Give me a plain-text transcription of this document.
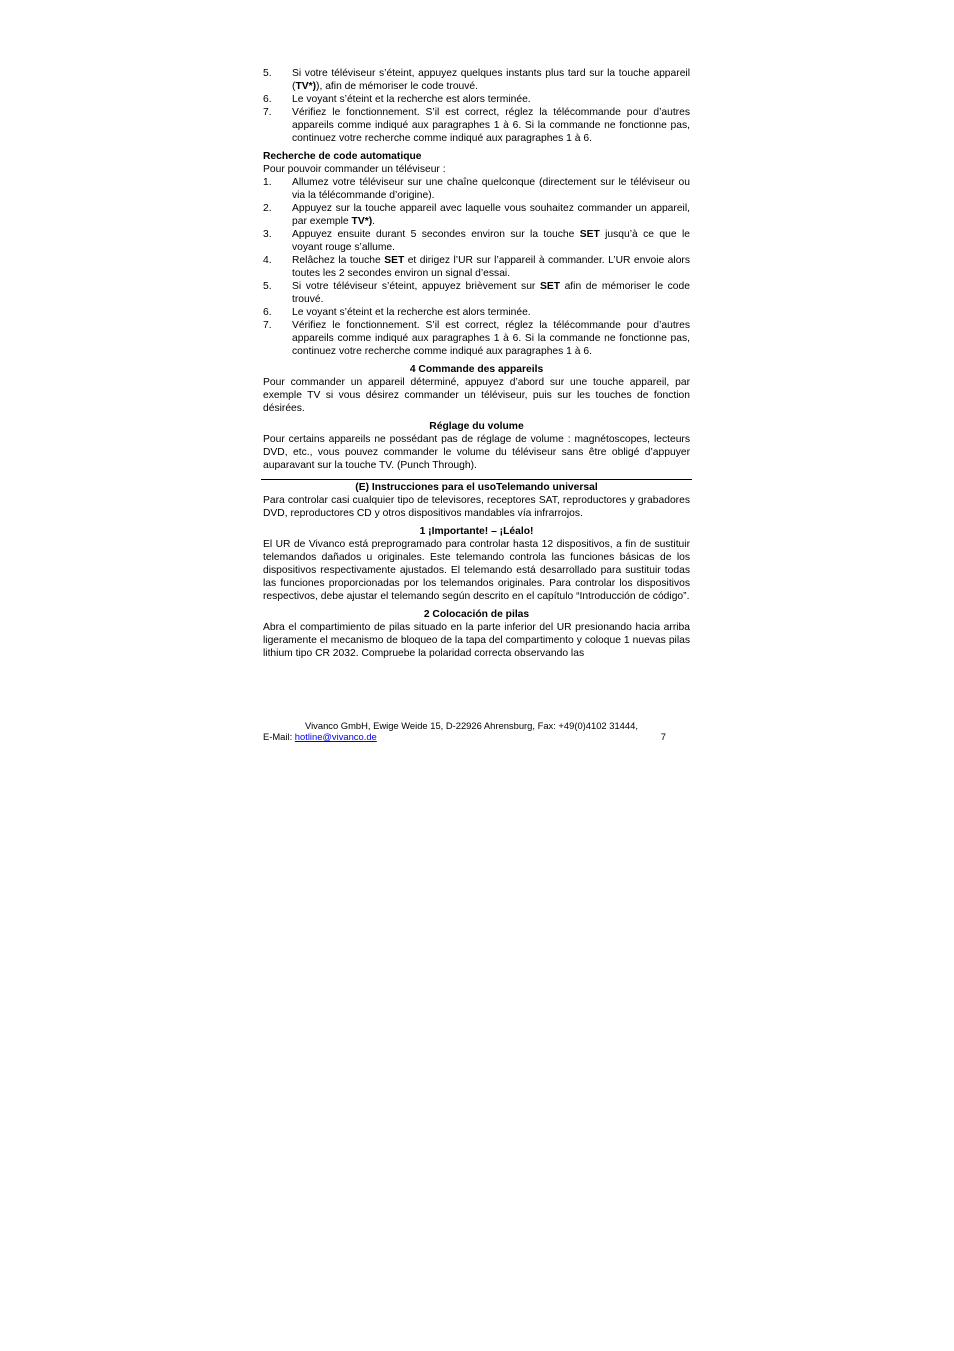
5.	Si votre téléviseur s’éteint, appuyez quelques instants plus tard sur la touche appareil (TV*)), afin de mémoriser le code trouvé.
6.	Le voyant s’éteint et la recherche est alors terminée.
7.	Vérifiez le fonctionnement. S’il est correct, réglez la télécommande pour d’autres appareils comme indiqué aux paragraphes 1 à 6. Si la commande ne fonctionne pas, continuez votre recherche comme indiqué aux paragraphes 1 à 6.
Recherche de code automatique
Pour pouvoir commander un téléviseur :
1.	Allumez votre téléviseur sur une chaîne quelconque (directement sur le téléviseur ou via la télécommande d’origine).
2.	Appuyez sur la touche appareil avec laquelle vous souhaitez commander un appareil, par exemple TV*).
3.	Appuyez ensuite durant 5 secondes environ sur la touche SET jusqu’à ce que le voyant rouge s’allume.
4.	Relâchez la touche SET et dirigez l’UR sur l’appareil à commander. L’UR envoie alors toutes les 2 secondes environ un signal d’essai.
5.	Si votre téléviseur s’éteint, appuyez brièvement sur SET afin de mémoriser le code trouvé.
6.	Le voyant s’éteint et la recherche est alors terminée.
7.	Vérifiez le fonctionnement. S’il est correct, réglez la télécommande pour d’autres appareils comme indiqué aux paragraphes 1 à 6. Si la commande ne fonctionne pas, continuez votre recherche comme indiqué aux paragraphes 1 à 6.
4 Commande des appareils
Pour commander un appareil déterminé, appuyez d’abord sur une touche appareil, par exemple TV si vous désirez commander un téléviseur, puis sur les touches de fonction désirées.
Réglage du volume
Pour certains appareils ne possédant pas de réglage de volume : magnétoscopes, lecteurs DVD, etc., vous pouvez commander le volume du téléviseur sans être obligé d’appuyer auparavant sur la touche TV. (Punch Through).
(E) Instrucciones para el usoTelemando universal
Para controlar casi cualquier tipo de televisores, receptores SAT, reproductores y grabadores DVD, reproductores CD y otros dispositivos mandables vía infrarrojos.
1 ¡Importante! – ¡Léalo!
El UR de Vivanco está preprogramado para controlar hasta 12 dispositivos, a fin de sustituir telemandos dañados u originales. Este telemando controla las funciones básicas de los dispositivos respectivamente ajustados. El telemando está desarrollado para sustituir todas las funciones proporcionadas por los telemandos originales. Para controlar los dispositivos respectivos, debe ajustar el telemando según descrito en el capítulo “Introducción de código”.
2 Colocación de pilas
Abra el compartimiento de pilas situado en la parte inferior del UR presionando hacia arriba ligeramente el mecanismo de bloqueo de la tapa del compartimento y coloque 1 nuevas pilas lithium tipo CR 2032. Compruebe la polaridad correcta observando las
Vivanco GmbH, Ewige Weide 15, D-22926 Ahrensburg, Fax: +49(0)4102 31444,
E-Mail: hotline@vivanco.de	7
